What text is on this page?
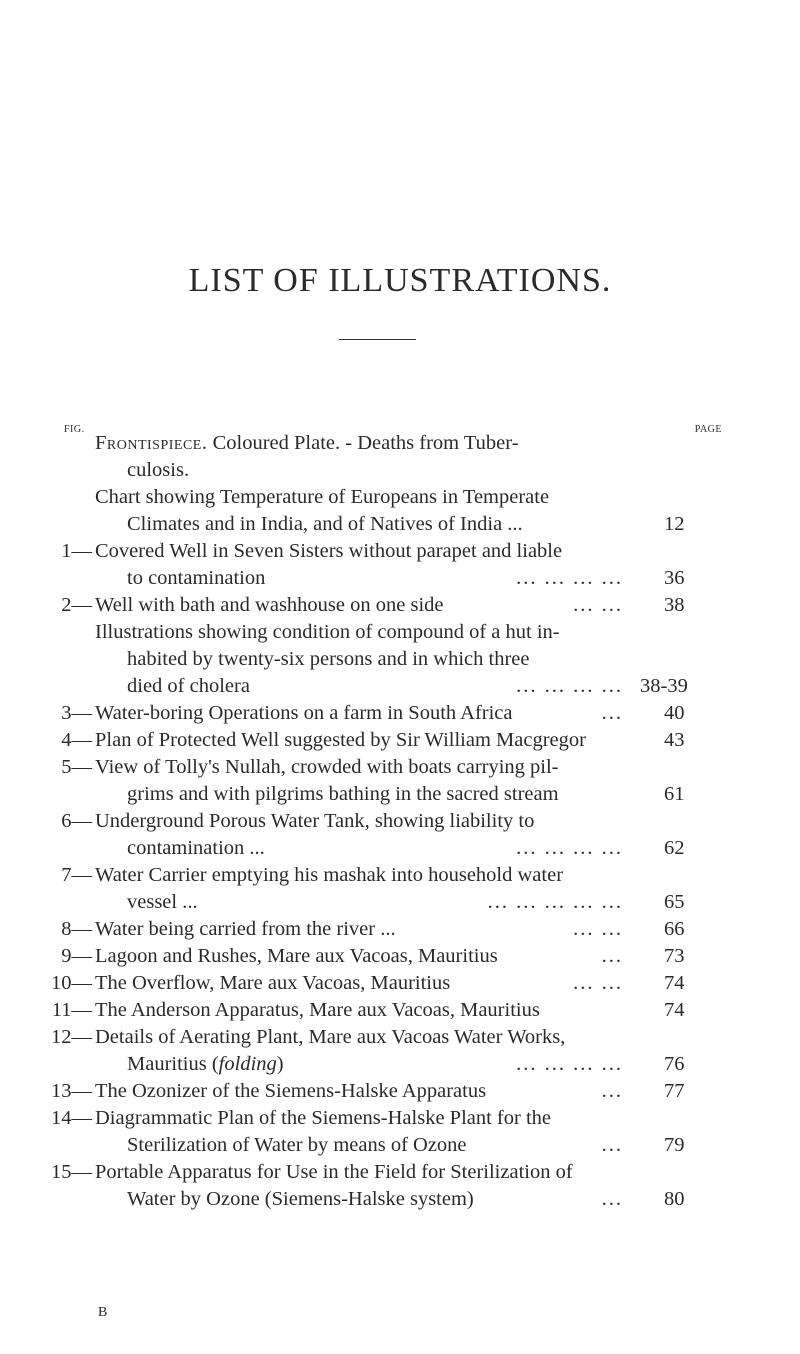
LIST OF ILLUSTRATIONS.
FIG.	PAGE
Frontispiece. Coloured Plate. - Deaths from Tuber-
culosis.
Chart showing Temperature of Europeans in Temperate
Climates and in India, and of Natives of India ...	12
1— Covered Well in Seven Sisters without parapet and liable
to contamination	... ... ... ... 36
2— Well with bath and washhouse on one side	... ... 38
Illustrations showing condition of compound of a hut in-
habited by twenty-six persons and in which three
died of cholera	... ... ... ... 38-39
3— Water-boring Operations on a farm in South Africa	... 40
4— Plan of Protected Well suggested by Sir William Macgregor	43
5— View of Tolly's Nullah, crowded with boats carrying pil-
grims and with pilgrims bathing in the sacred stream	61
6— Underground Porous Water Tank, showing liability to
contamination ...	... ... ... ... 62
7— Water Carrier emptying his mashak into household water
vessel ...	... ... ... ... ... 65
8— Water being carried from the river ...	... ... 66
9— Lagoon and Rushes, Mare aux Vacoas, Mauritius	... 73
10— The Overflow, Mare aux Vacoas, Mauritius	... ... 74
11— The Anderson Apparatus, Mare aux Vacoas, Mauritius	74
12— Details of Aerating Plant, Mare aux Vacoas Water Works,
Mauritius (folding)	... ... ... ... 76
13— The Ozonizer of the Siemens-Halske Apparatus	... 77
14— Diagrammatic Plan of the Siemens-Halske Plant for the
Sterilization of Water by means of Ozone	... 79
15— Portable Apparatus for Use in the Field for Sterilization of
Water by Ozone (Siemens-Halske system)	... 80
B
